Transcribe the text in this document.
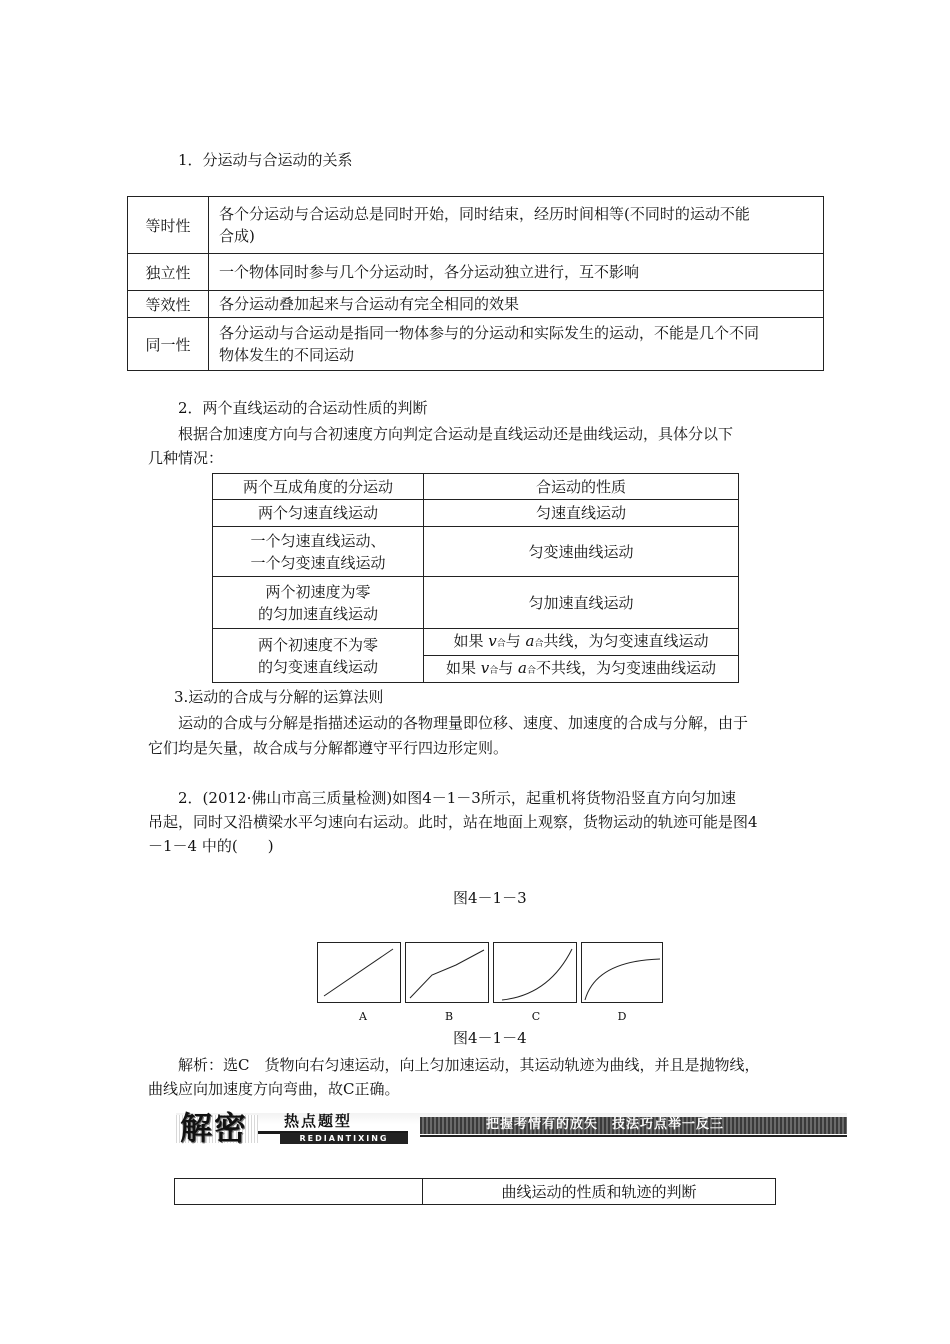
1．分运动与合运动的关系
等时性	各个分运动与合运动总是同时开始，同时结束，经历时间相等(不同时的运动不能
合成)

独立性	一个物体同时参与几个分运动时，各分运动独立进行，互不影响

等效性	各分运动叠加起来与合运动有完全相同的效果

同一性	各分运动与合运动是指同一物体参与的分运动和实际发生的运动，不能是几个不同
物体发生的不同运动
2．两个直线运动的合运动性质的判断
根据合加速度方向与合初速度方向判定合运动是直线运动还是曲线运动，具体分以下
几种情况：
两个互成角度的分运动	合运动的性质
两个匀速直线运动	匀速直线运动

一个匀速直线运动、
一个匀变速直线运动	匀变速曲线运动

两个初速度为零
的匀加速直线运动	匀加速直线运动

两个初速度不为零
的匀变速直线运动	如果 v合与 a合共线，为匀变速直线运动
	如果 v合与 a合不共线，为匀变速曲线运动
3.运动的合成与分解的运算法则
运动的合成与分解是指描述运动的各物理量即位移、速度、加速度的合成与分解，由于
它们均是矢量，故合成与分解都遵守平行四边形定则。
2．(2012·佛山市高三质量检测)如图4－1－3所示，起重机将货物沿竖直方向匀加速
吊起，同时又沿横梁水平匀速向右运动。此时，站在地面上观察，货物运动的轨迹可能是图4
－1－4 中的(　　)
图4－1－3
A	B	C	D
图4－1－4
解析：选C　货物向右匀速运动，向上匀加速运动，其运动轨迹为曲线，并且是抛物线，
曲线应向加速度方向弯曲，故C正确。
解密 热点题型
REDIANTIXING
把握考情有的放矢　技法巧点举一反三
	曲线运动的性质和轨迹的判断
